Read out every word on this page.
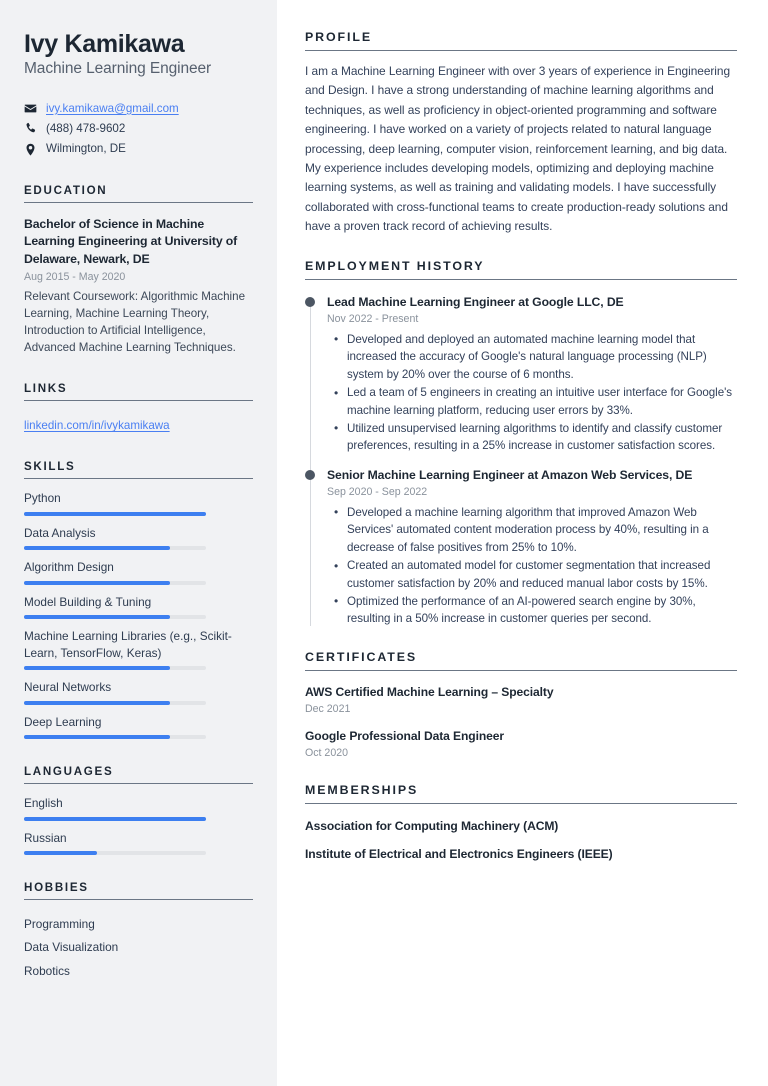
Ivy Kamikawa
Machine Learning Engineer
ivy.kamikawa@gmail.com
(488) 478-9602
Wilmington, DE
EDUCATION
Bachelor of Science in Machine Learning Engineering at University of Delaware, Newark, DE
Aug 2015 - May 2020
Relevant Coursework: Algorithmic Machine Learning, Machine Learning Theory, Introduction to Artificial Intelligence, Advanced Machine Learning Techniques.
LINKS
linkedin.com/in/ivykamikawa
SKILLS
Python
Data Analysis
Algorithm Design
Model Building & Tuning
Machine Learning Libraries (e.g., Scikit-Learn, TensorFlow, Keras)
Neural Networks
Deep Learning
LANGUAGES
English
Russian
HOBBIES
Programming
Data Visualization
Robotics
PROFILE

I am a Machine Learning Engineer with over 3 years of experience in Engineering and Design. I have a strong understanding of machine learning algorithms and techniques, as well as proficiency in object-oriented programming and software engineering. I have worked on a variety of projects related to natural language processing, deep learning, computer vision, reinforcement learning, and big data. My experience includes developing models, optimizing and deploying machine learning systems, as well as training and validating models. I have successfully collaborated with cross-functional teams to create production-ready solutions and have a proven track record of achieving results.

EMPLOYMENT HISTORY
Lead Machine Learning Engineer at Google LLC, DE
Nov 2022 - Present
• Developed and deployed an automated machine learning model that increased the accuracy of Google's natural language processing (NLP) system by 20% over the course of 6 months.
• Led a team of 5 engineers in creating an intuitive user interface for Google's machine learning platform, reducing user errors by 33%.
• Utilized unsupervised learning algorithms to identify and classify customer preferences, resulting in a 25% increase in customer satisfaction scores.
Senior Machine Learning Engineer at Amazon Web Services, DE
Sep 2020 - Sep 2022
• Developed a machine learning algorithm that improved Amazon Web Services' automated content moderation process by 40%, resulting in a decrease of false positives from 25% to 10%.
• Created an automated model for customer segmentation that increased customer satisfaction by 20% and reduced manual labor costs by 15%.
• Optimized the performance of an AI-powered search engine by 30%, resulting in a 50% increase in customer queries per second.
CERTIFICATES
AWS Certified Machine Learning – Specialty
Dec 2021
Google Professional Data Engineer
Oct 2020
MEMBERSHIPS
Association for Computing Machinery (ACM)
Institute of Electrical and Electronics Engineers (IEEE)
